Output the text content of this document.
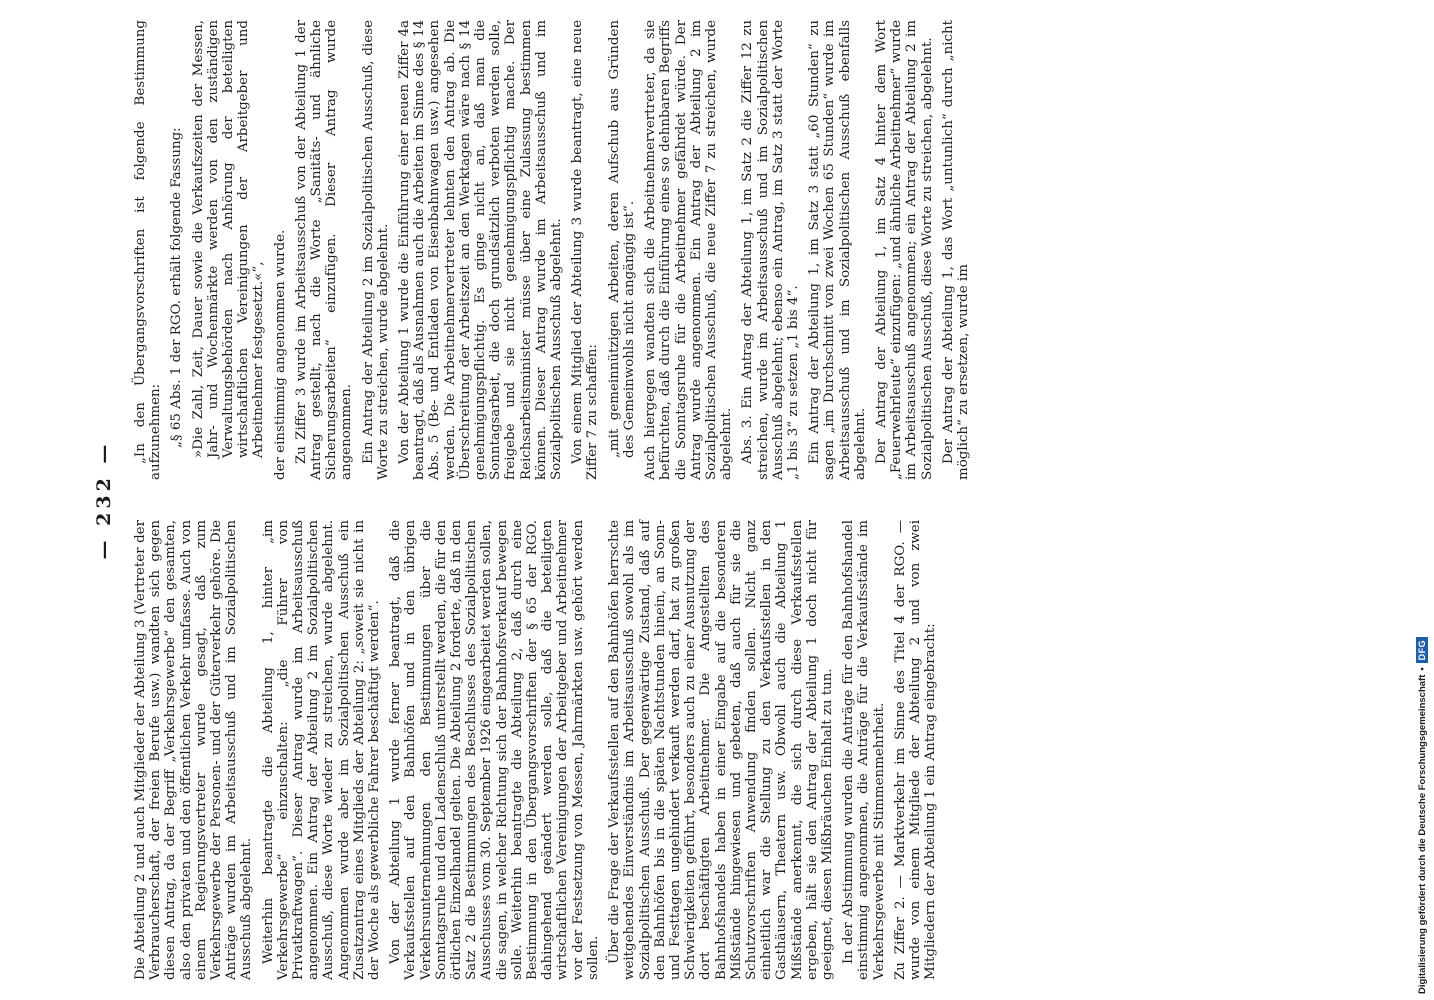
— 232 —

Die Abteilung 2 und auch Mitglieder der Abteilung 3 (Vertreter der Verbraucherschaft, der freien Berufe usw.) wandten sich gegen diesen Antrag, da der Begriff „Verkehrsgewerbe“ den gesamten, also den privaten und den öffentlichen Verkehr umfasse. Auch von einem Regierungsvertreter wurde gesagt, daß zum Verkehrsgewerbe der Personen- und der Güterverkehr gehöre. Die Anträge wurden im Arbeitsausschuß und im Sozialpolitischen Ausschuß abgelehnt. Weiterhin beantragte die Abteilung 1, hinter „im Verkehrsgewerbe“ einzuschalten: „die Führer von Privatkraftwagen“. Dieser Antrag wurde im Arbeitsausschuß angenommen. Ein Antrag der Abteilung 2 im Sozialpolitischen Ausschuß, diese Worte wieder zu streichen, wurde abgelehnt. Angenommen wurde aber im Sozialpolitischen Ausschuß ein Zusatzantrag eines Mitglieds der Abteilung 2: „soweit sie nicht in der Woche als gewerbliche Fahrer beschäftigt werden“. Von der Abteilung 1 wurde ferner beantragt, daß die Verkaufsstellen auf den Bahnhöfen und in den übrigen Verkehrsunternehmungen den Bestimmungen über die Sonntagsruhe und den Ladenschluß unterstellt werden, die für den örtlichen Einzelhandel gelten. Die Abteilung 2 forderte, daß in den Satz 2 die Bestimmungen des Beschlusses des Sozialpolitischen Ausschusses vom 30. September 1926 eingearbeitet werden sollen, die sagen, in welcher Richtung sich der Bahnhofsverkauf bewegen solle. Weiterhin beantragte die Abteilung 2, daß durch eine Bestimmung in den Übergangsvorschriften der § 65 der RGO. dahingehend geändert werden solle, daß die beteiligten wirtschaftlichen Vereinigungen der Arbeitgeber und Arbeitnehmer vor der Festsetzung von Messen, Jahrmärkten usw. gehört werden sollen. Über die Frage der Verkaufsstellen auf den Bahnhöfen herrschte weitgehendes Einverständnis im Arbeitsausschuß sowohl als im Sozialpolitischen Ausschuß. Der gegenwärtige Zustand, daß auf den Bahnhöfen bis in die späten Nachtstunden hinein, an Sonn- und Festtagen ungehindert verkauft werden darf, hat zu großen Schwierigkeiten geführt, besonders auch zu einer Ausnutzung der dort beschäftigten Arbeitnehmer. Die Angestellten des Bahnhofshandels haben in einer Eingabe auf die besonderen Mißstände hingewiesen und gebeten, daß auch für sie die Schutzvorschriften Anwendung finden sollen. Nicht ganz einheitlich war die Stellung zu den Verkaufsstellen in den Gasthäusern, Theatern usw. Obwohl auch die Abteilung 1 Mißstände anerkennt, die sich durch diese Verkaufsstellen ergeben, hält sie den Antrag der Abteilung 1 doch nicht für geeignet, diesen Mißbräuchen Einhalt zu tun. In der Abstimmung wurden die Anträge für den Bahnhofshandel einstimmig angenommen, die Anträge für die Verkaufsstände im Verkehrsgewerbe mit Stimmenmehrheit. Zu Ziffer 2. — Marktverkehr im Sinne des Titel 4 der RGO. — wurde von einem Mitgliede der Abteilung 2 und von zwei Mitgliedern der Abteilung 1 ein Antrag eingebracht:

„In den Übergangsvorschriften ist folgende Bestimmung aufzunehmen: „§ 65 Abs. 1 der RGO. erhält folgende Fassung: »Die Zahl, Zeit, Dauer sowie die Verkaufszeiten der Messen, Jahr- und Wochenmärkte werden von den zuständigen Verwaltungsbehörden nach Anhörung der beteiligten wirtschaftlichen Vereinigungen der Arbeitgeber und Arbeitnehmer festgesetzt.«“, der einstimmig angenommen wurde. Zu Ziffer 3 wurde im Arbeitsausschuß von der Abteilung 1 der Antrag gestellt, nach die Worte „Sanitäts- und ähnliche Sicherungsarbeiten“ einzufügen. Dieser Antrag wurde angenommen. Ein Antrag der Abteilung 2 im Sozialpolitischen Ausschuß, diese Worte zu streichen, wurde abgelehnt. Von der Abteilung 1 wurde die Einführung einer neuen Ziffer 4a beantragt, daß als Ausnahmen auch die Arbeiten im Sinne des § 14 Abs. 5 (Be- und Entladen von Eisenbahnwagen usw.) angesehen werden. Die Arbeitnehmervertreter lehnten den Antrag ab. Die Überschreitung der Arbeitszeit an den Werktagen wäre nach § 14 genehmigungspflichtig. Es ginge nicht an, daß man die Sonntagsarbeit, die doch grundsätzlich verboten werden solle, freigebe und sie nicht genehmigungspflichtig mache. Der Reichsarbeitsminister müsse über eine Zulassung bestimmen können. Dieser Antrag wurde im Arbeitsausschuß und im Sozialpolitischen Ausschuß abgelehnt. Von einem Mitglied der Abteilung 3 wurde beantragt, eine neue Ziffer 7 zu schaffen: „mit gemeinnützigen Arbeiten, deren Aufschub aus Gründen des Gemeinwohls nicht angängig ist“. Auch hiergegen wandten sich die Arbeitnehmervertreter, da sie befürchten, daß durch die Einführung eines so dehnbaren Begriffs die Sonntagsruhe für die Arbeitnehmer gefährdet würde. Der Antrag wurde angenommen. Ein Antrag der Abteilung 2 im Sozialpolitischen Ausschuß, die neue Ziffer 7 zu streichen, wurde abgelehnt. Abs. 3. Ein Antrag der Abteilung 1, im Satz 2 die Ziffer 12 zu streichen, wurde im Arbeitsausschuß und im Sozialpolitischen Ausschuß abgelehnt; ebenso ein Antrag, im Satz 3 statt der Worte „1 bis 3“ zu setzen „1 bis 4“. Ein Antrag der Abteilung 1, im Satz 3 statt „60 Stunden“ zu sagen „im Durchschnitt von zwei Wochen 65 Stunden“ wurde im Arbeitsausschuß und im Sozialpolitischen Ausschuß ebenfalls abgelehnt. Der Antrag der Abteilung 1, im Satz 4 hinter dem Wort „Feuerwehrleute“ einzufügen: „und ähnliche Arbeitnehmer“ wurde im Arbeitsausschuß angenommen; ein Antrag der Abteilung 2 im Sozialpolitischen Ausschuß, diese Worte zu streichen, abgelehnt. Der Antrag der Abteilung 1, das Wort „untunlich“ durch „nicht möglich“ zu ersetzen, wurde im

Digitalisierung gefördert durch die Deutsche Forschungsgemeinschaft
•
DFG
